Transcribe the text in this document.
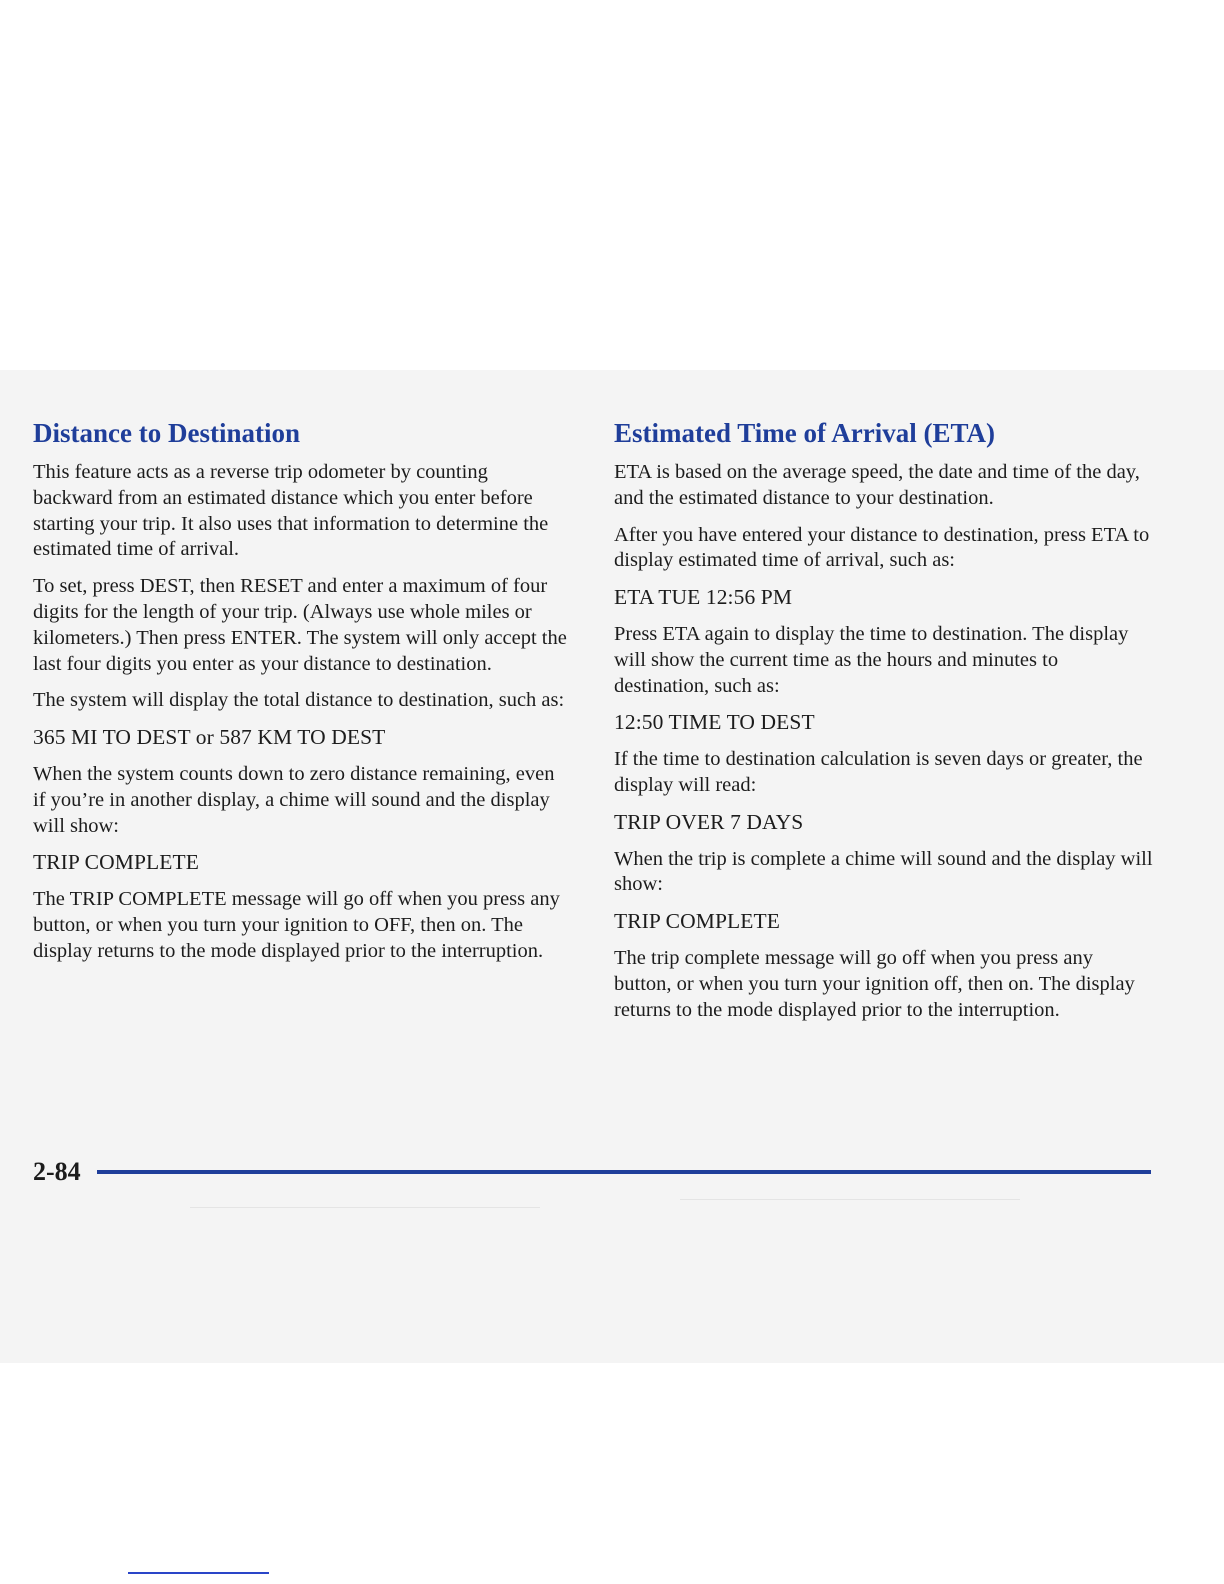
Distance to Destination

This feature acts as a reverse trip odometer by counting backward from an estimated distance which you enter before starting your trip. It also uses that information to determine the estimated time of arrival.

To set, press DEST, then RESET and enter a maximum of four digits for the length of your trip. (Always use whole miles or kilometers.) Then press ENTER. The system will only accept the last four digits you enter as your distance to destination.

The system will display the total distance to destination, such as:

365 MI TO DEST or 587 KM TO DEST

When the system counts down to zero distance remaining, even if you’re in another display, a chime will sound and the display will show:

TRIP COMPLETE

The TRIP COMPLETE message will go off when you press any button, or when you turn your ignition to OFF, then on. The display returns to the mode displayed prior to the interruption.

Estimated Time of Arrival (ETA)

ETA is based on the average speed, the date and time of the day, and the estimated distance to your destination.

After you have entered your distance to destination, press ETA to display estimated time of arrival, such as:

ETA TUE 12:56 PM

Press ETA again to display the time to destination. The display will show the current time as the hours and minutes to destination, such as:

12:50 TIME TO DEST

If the time to destination calculation is seven days or greater, the display will read:

TRIP OVER 7 DAYS

When the trip is complete a chime will sound and the display will show:

TRIP COMPLETE

The trip complete message will go off when you press any button, or when you turn your ignition off, then on. The display returns to the mode displayed prior to the interruption.

2-84
